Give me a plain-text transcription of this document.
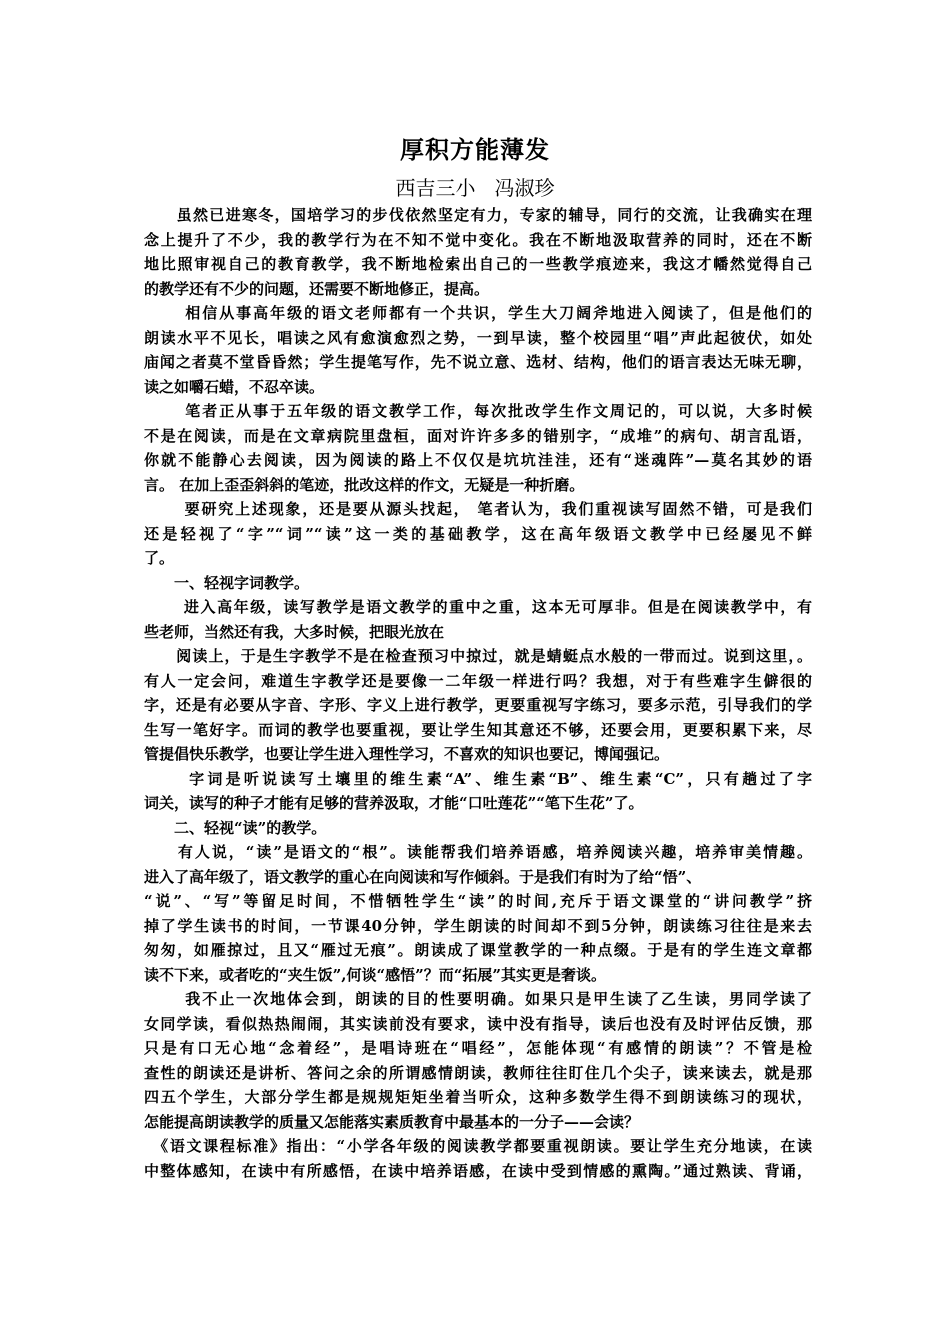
厚积方能薄发
西吉三小   冯淑珍
　　虽然已进寒冬，国培学习的步伐依然坚定有力，专家的辅导，同行的交流，让我确实在理
念上提升了不少，我的教学行为在不知不觉中变化。我在不断地汲取营养的同时，还在不断
地比照审视自己的教育教学，我不断地检索出自己的一些教学痕迹来，我这才幡然觉得自己
的教学还有不少的问题，还需要不断地修正，提高。
　　 相信从事高年级的语文老师都有一个共识，学生大刀阔斧地进入阅读了，但是他们的
朗读水平不见长，唱读之风有愈演愈烈之势，一到早读，整个校园里“唱”声此起彼伏，如处
庙闻之者莫不堂昏昏然；学生提笔写作，先不说立意、选材、结构，他们的语言表达无味无聊，
读之如嚼石蜡，不忍卒读。
　　 笔者正从事于五年级的语文教学工作，每次批改学生作文周记的，可以说，大多时候
不是在阅读，而是在文章病院里盘桓，面对许许多多的错别字，“成堆”的病句、胡言乱语，
你就不能静心去阅读，因为阅读的路上不仅仅是坑坑洼洼，还有“迷魂阵”—莫名其妙的语
言。 在加上歪歪斜斜的笔迹，批改这样的作文，无疑是一种折磨。
　　 要研究上述现象，还是要从源头找起， 笔者认为，我们重视读写固然不错，可是我们
还是轻视了“字”“词”“读”这一类的基础教学，这在高年级语文教学中已经屡见不鲜
了。
　　一、轻视字词教学。
　　 进入高年级，读写教学是语文教学的重中之重，这本无可厚非。但是在阅读教学中，有
些老师，当然还有我，大多时候，把眼光放在
　　阅读上，于是生字教学不是在检查预习中掠过，就是蜻蜓点水般的一带而过。说到这里，。
有人一定会问，难道生字教学还是要像一二年级一样进行吗？我想，对于有些难字生僻很的
字，还是有必要从字音、字形、字义上进行教学，更要重视写字练习，要多示范，引导我们的学
生写一笔好字。而词的教学也要重视，要让学生知其意还不够，还要会用，更要积累下来，尽
管提倡快乐教学，也要让学生进入理性学习，不喜欢的知识也要记，博闻强记。
　　 字词是听说读写土壤里的维生素“A”、维生素“B”、维生素“C”，只有趟过了字
词关，读写的种子才能有足够的营养汲取，才能“口吐莲花”“笔下生花”了。
　　二、轻视“读”的教学。
　　有人说，“读”是语文的“根”。读能帮我们培养语感，培养阅读兴趣，培养审美情趣。
进入了高年级了，语文教学的重心在向阅读和写作倾斜。于是我们有时为了给“悟”、
“说”、“写”等留足时间，不惜牺牲学生“读”的时间,充斥于语文课堂的“讲问教学”挤
掉了学生读书的时间，一节课40分钟，学生朗读的时间却不到5分钟，朗读练习往往是来去
匆匆，如雁掠过，且又“雁过无痕”。朗读成了课堂教学的一种点缀。于是有的学生连文章都
读不下来，或者吃的“夹生饭”,何谈“感悟”？而“拓展”其实更是奢谈。
　　 我不止一次地体会到，朗读的目的性要明确。如果只是甲生读了乙生读，男同学读了
女同学读，看似热热闹闹，其实读前没有要求，读中没有指导，读后也没有及时评估反馈，那
只是有口无心地“念着经”，是唱诗班在“唱经”，怎能体现“有感情的朗读”？不管是检
查性的朗读还是讲析、答问之余的所谓感情朗读，教师往往盯住几个尖子，读来读去，就是那
四五个学生，大部分学生都是规规矩矩坐着当听众，这种多数学生得不到朗读练习的现状，
怎能提高朗读教学的质量又怎能落实素质教育中最基本的一分子——会读？
　《语文课程标准》指出：“小学各年级的阅读教学都要重视朗读。要让学生充分地读，在读
中整体感知，在读中有所感悟，在读中培养语感，在读中受到情感的熏陶。”通过熟读、背诵，
